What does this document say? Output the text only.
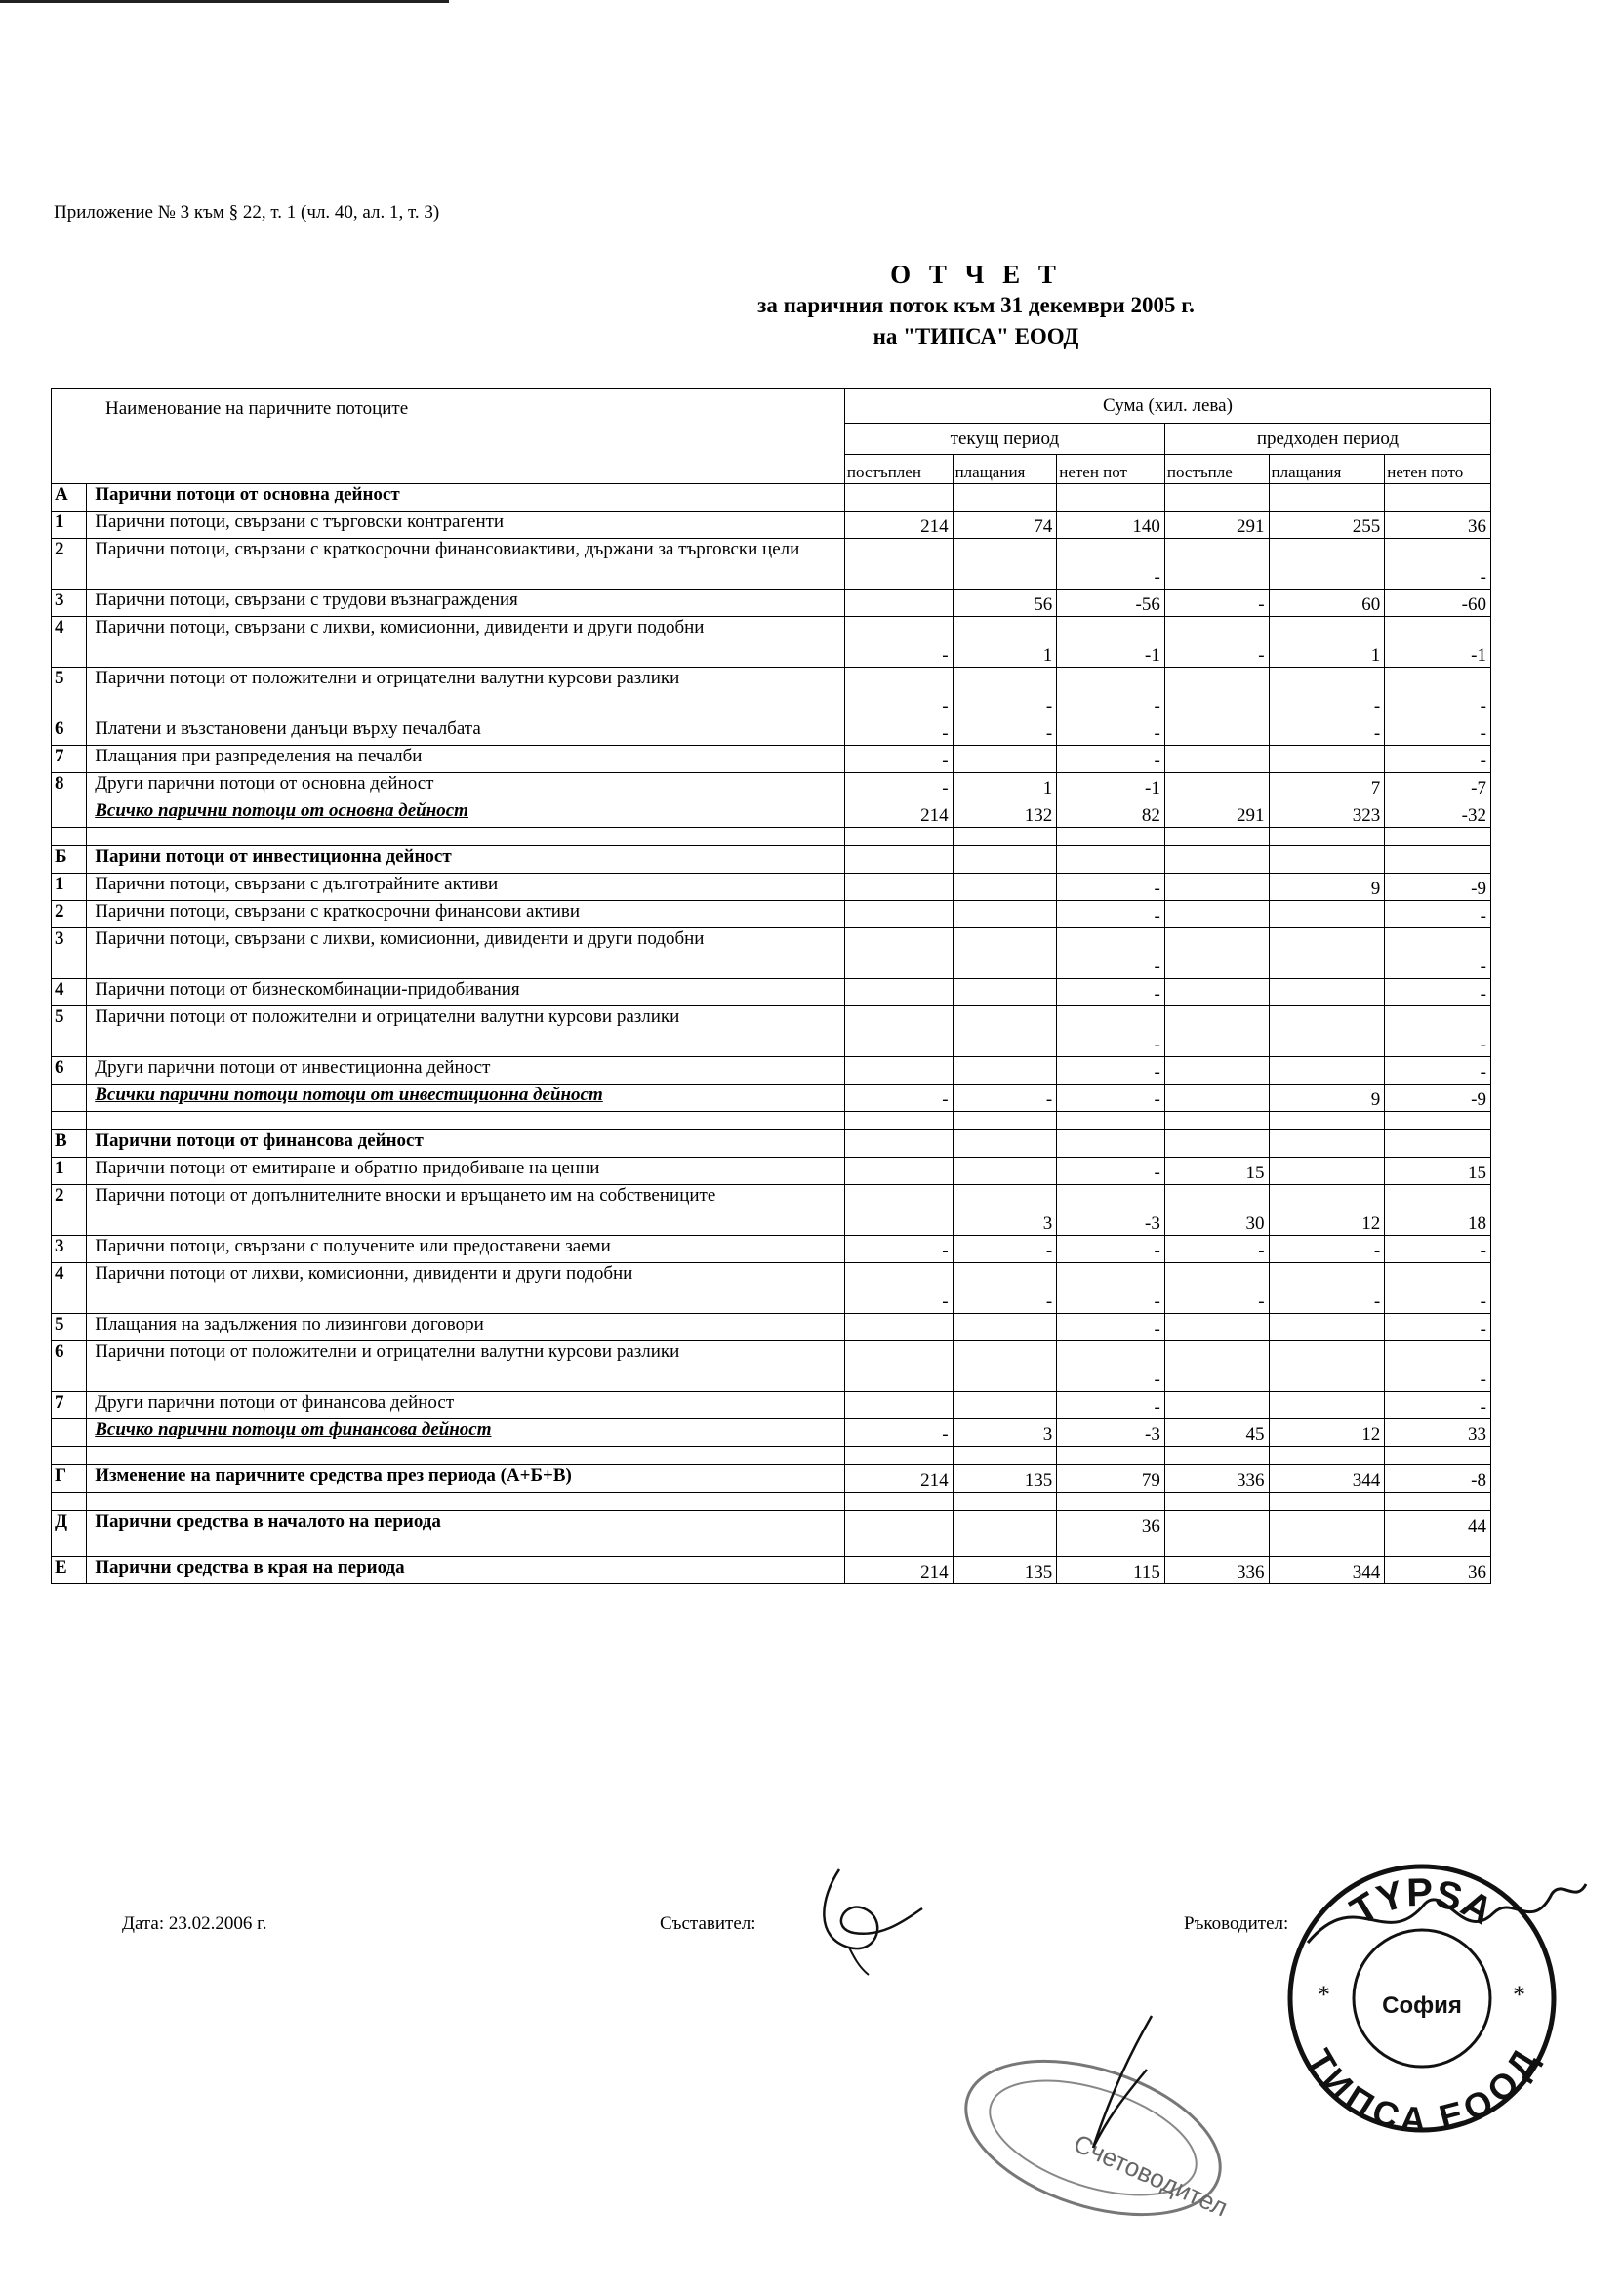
Приложение № 3 към § 22, т. 1 (чл. 40, ал. 1, т. 3)
О Т Ч Е Т
за паричния поток към 31 декември 2005 г.
на "ТИПСА" ЕООД
Наименование на паричните потоците		Сума (хил. лева)					
		текущ период			предходен период		
		постъплен	плащания	нетен пот	постъпле	плащания	нетен пото
А	Парични потоци от основна дейност						
1	Парични потоци, свързани с търговски контрагенти	214	74	140	291	255	36
2	Парични потоци, свързани с краткосрочни финансовиактиви, държани за търговски цели			-			-
3	Парични потоци, свързани с трудови възнаграждения		56	-56	-	60	-60
4	Парични потоци, свързани с лихви, комисионни, дивиденти и други подобни	-	1	-1	-	1	-1
5	Парични потоци от положителни и отрицателни валутни курсови разлики	-	-	-		-	-
6	Платени и възстановени данъци върху печалбата	-	-	-		-	-
7	Плащания при разпределения на печалби	-		-			-
8	Други парични потоци от основна дейност	-	1	-1		7	-7
	Всичко парични потоци от основна дейност	214	132	82	291	323	-32

Б	Парини потоци от инвестиционна дейност						
1	Парични потоци, свързани с дълготрайните активи			-		9	-9
2	Парични потоци, свързани с краткосрочни финансови активи			-			-
3	Парични потоци, свързани с лихви, комисионни, дивиденти и други подобни			-			-
4	Парични потоци от бизнескомбинации-придобивания			-			-
5	Парични потоци от положителни и отрицателни валутни курсови разлики			-			-
6	Други парични потоци от инвестиционна дейност			-			-
	Всички парични потоци потоци от инвестиционна дейност	-	-	-		9	-9

В	Парични потоци от финансова дейност						
1	Парични потоци от емитиране и обратно придобиване на ценни			-	15		15
2	Парични потоци от допълнителните вноски и връщането им на собствениците		3	-3	30	12	18
3	Парични потоци, свързани с получените или предоставени заеми	-	-	-	-	-	-
4	Парични потоци от лихви, комисионни, дивиденти и други подобни	-	-	-	-	-	-
5	Плащания на задължения по лизингови договори			-			-
6	Парични потоци от положителни и отрицателни валутни курсови разлики			-			-
7	Други парични потоци от финансова дейност			-			-
	Всичко парични потоци от финансова дейност	-	3	-3	45	12	33

Г	Изменение на паричните средства през периода (А+Б+В)	214	135	79	336	344	-8

Д	Парични средства в началото на периода			36			44

Е	Парични средства в края на периода	214	135	115	336	344	36
Дата: 23.02.2006 г.	Съставител:	Ръководител: TYPSA
ТИПСА ЕООД
София
*	*
Счетоводител
